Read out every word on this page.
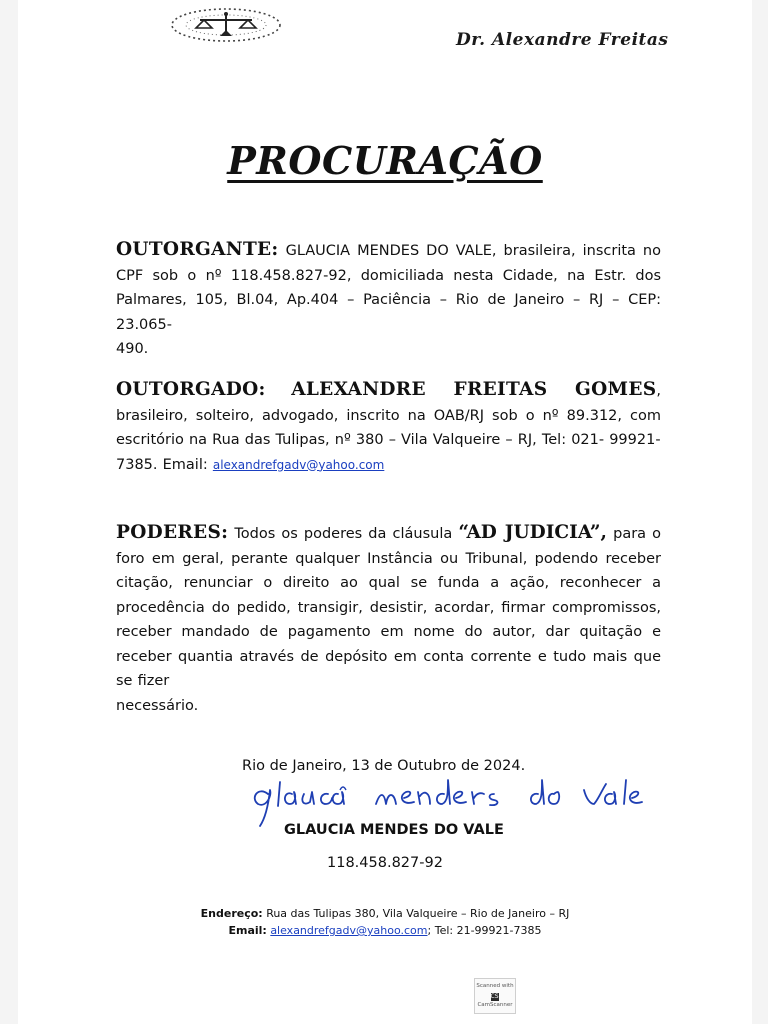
Dr. Alexandre Freitas

PROCURAÇÃO

OUTORGANTE: GLAUCIA MENDES DO VALE, brasileira, inscrita no CPF sob o nº 118.458.827-92, domiciliada nesta Cidade, na Estr. dos Palmares, 105, Bl.04, Ap.404 – Paciência – Rio de Janeiro – RJ – CEP: 23.065-
490.

OUTORGADO: ALEXANDRE FREITAS GOMES,
brasileiro, solteiro, advogado, inscrito na OAB/RJ sob o nº 89.312, com escritório na Rua das Tulipas, nº 380 – Vila Valqueire – RJ, Tel: 021- 99921-
7385. Email: alexandrefgadv@yahoo.com

PODERES: Todos os poderes da cláusula “AD JUDICIA”, para o foro em geral, perante qualquer Instância ou Tribunal, podendo receber citação, renunciar o direito ao qual se funda a ação, reconhecer a procedência do pedido, transigir, desistir, acordar, firmar compromissos, receber mandado de pagamento em nome do autor, dar quitação e receber quantia através de depósito em conta corrente e tudo mais que se fizer
necessário.

Rio de Janeiro, 13 de Outubro de 2024.

GLAUCIA MENDES DO VALE

118.458.827-92

Endereço: Rua das Tulipas 380, Vila Valqueire – Rio de Janeiro – RJ

Email: alexandrefgadv@yahoo.com; Tel: 21-99921-7385

Scanned with
CSCamScanner
